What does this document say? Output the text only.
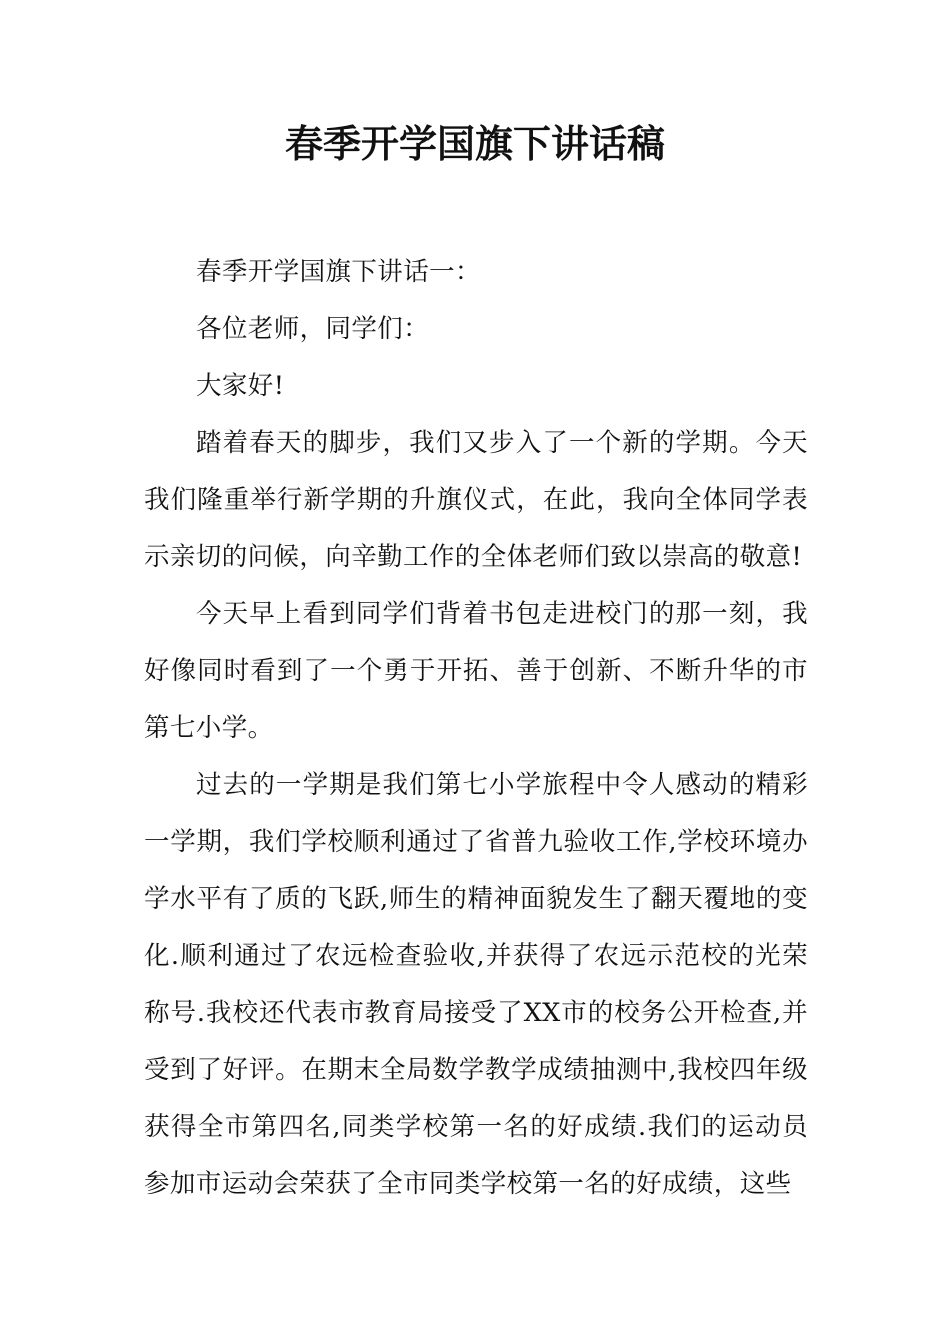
春季开学国旗下讲话稿

春季开学国旗下讲话一：

各位老师，同学们：

大家好!

踏着春天的脚步，我们又步入了一个新的学期。今天我们隆重举行新学期的升旗仪式，在此，我向全体同学表示亲切的问候，向辛勤工作的全体老师们致以崇高的敬意!

今天早上看到同学们背着书包走进校门的那一刻，我好像同时看到了一个勇于开拓、善于创新、不断升华的市第七小学。

过去的一学期是我们第七小学旅程中令人感动的精彩一学期，我们学校顺利通过了省普九验收工作,学校环境办学水平有了质的飞跃,师生的精神面貌发生了翻天覆地的变化.顺利通过了农远检查验收,并获得了农远示范校的光荣称号.我校还代表市教育局接受了XX市的校务公开检查,并受到了好评。在期末全局数学教学成绩抽测中,我校四年级获得全市第四名,同类学校第一名的好成绩.我们的运动员参加市运动会荣获了全市同类学校第一名的好成绩，这些
